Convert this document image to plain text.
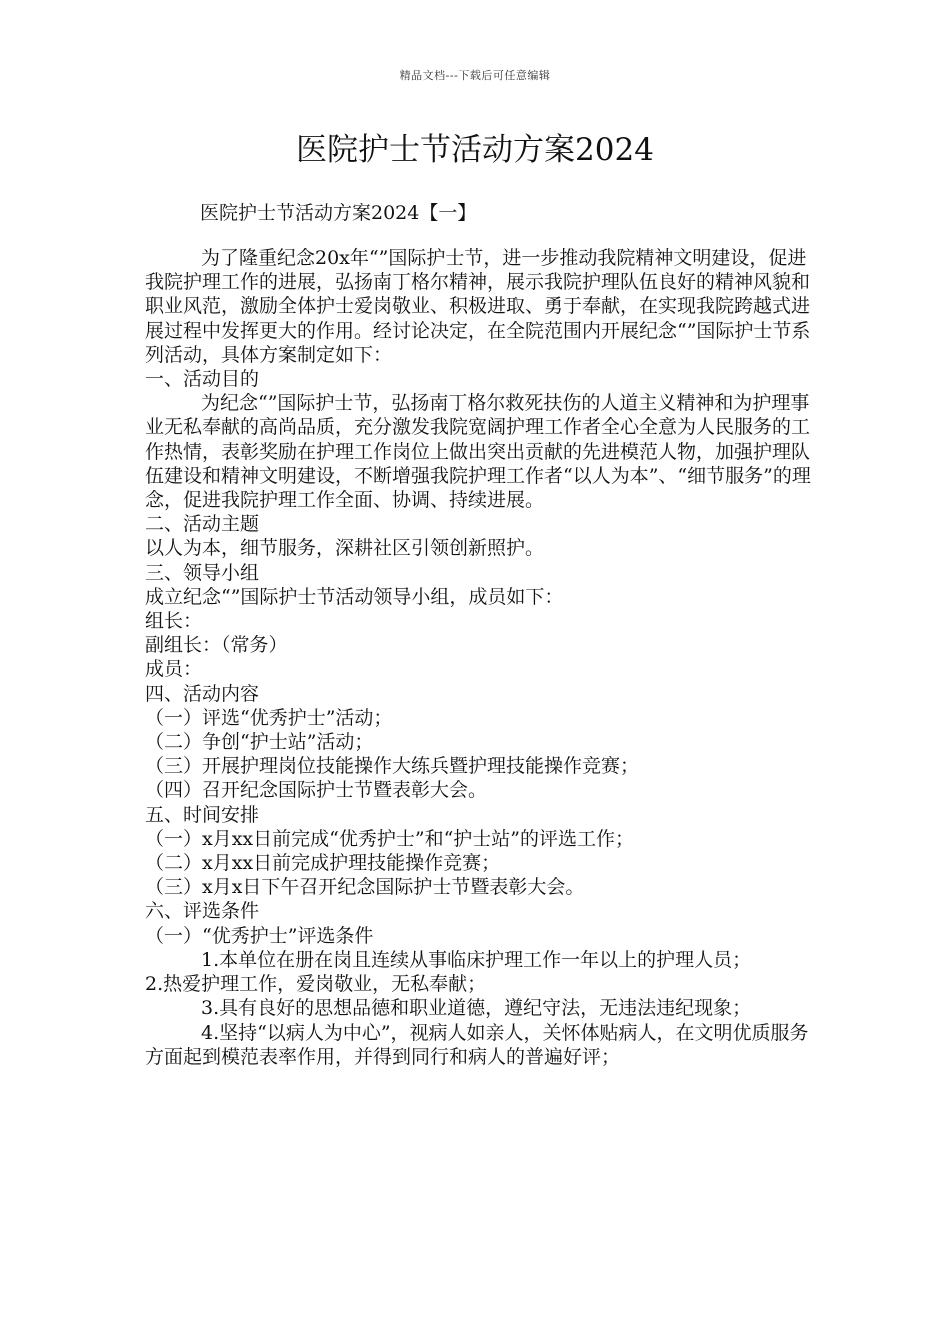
精品文档---下载后可任意编辑
医院护士节活动方案2024
医院护士节活动方案2024【一】

为了隆重纪念20x年“”国际护士节，进一步推动我院精神文明建设，促进我院护理工作的进展，弘扬南丁格尔精神，展示我院护理队伍良好的精神风貌和职业风范，激励全体护士爱岗敬业、积极进取、勇于奉献，在实现我院跨越式进展过程中发挥更大的作用。经讨论决定，在全院范围内开展纪念“”国际护士节系列活动，具体方案制定如下：

一、活动目的

为纪念“”国际护士节，弘扬南丁格尔救死扶伤的人道主义精神和为护理事业无私奉献的高尚品质，充分激发我院宽阔护理工作者全心全意为人民服务的工作热情，表彰奖励在护理工作岗位上做出突出贡献的先进模范人物，加强护理队伍建设和精神文明建设，不断增强我院护理工作者“以人为本”、“细节服务”的理念，促进我院护理工作全面、协调、持续进展。

二、活动主题

以人为本，细节服务，深耕社区引领创新照护。

三、领导小组

成立纪念“”国际护士节活动领导小组，成员如下：

组长：

副组长：（常务）

成员：

四、活动内容

（一）评选“优秀护士”活动；

（二）争创“护士站”活动；

（三）开展护理岗位技能操作大练兵暨护理技能操作竞赛；

（四）召开纪念国际护士节暨表彰大会。

五、时间安排

（一）x月xx日前完成“优秀护士”和“护士站”的评选工作；

（二）x月xx日前完成护理技能操作竞赛；

（三）x月x日下午召开纪念国际护士节暨表彰大会。

六、评选条件

（一）“优秀护士”评选条件

1.本单位在册在岗且连续从事临床护理工作一年以上的护理人员；

2.热爱护理工作，爱岗敬业，无私奉献；

3.具有良好的思想品德和职业道德，遵纪守法，无违法违纪现象；

4.坚持“以病人为中心”，视病人如亲人，关怀体贴病人，在文明优质服务方面起到模范表率作用，并得到同行和病人的普遍好评；
